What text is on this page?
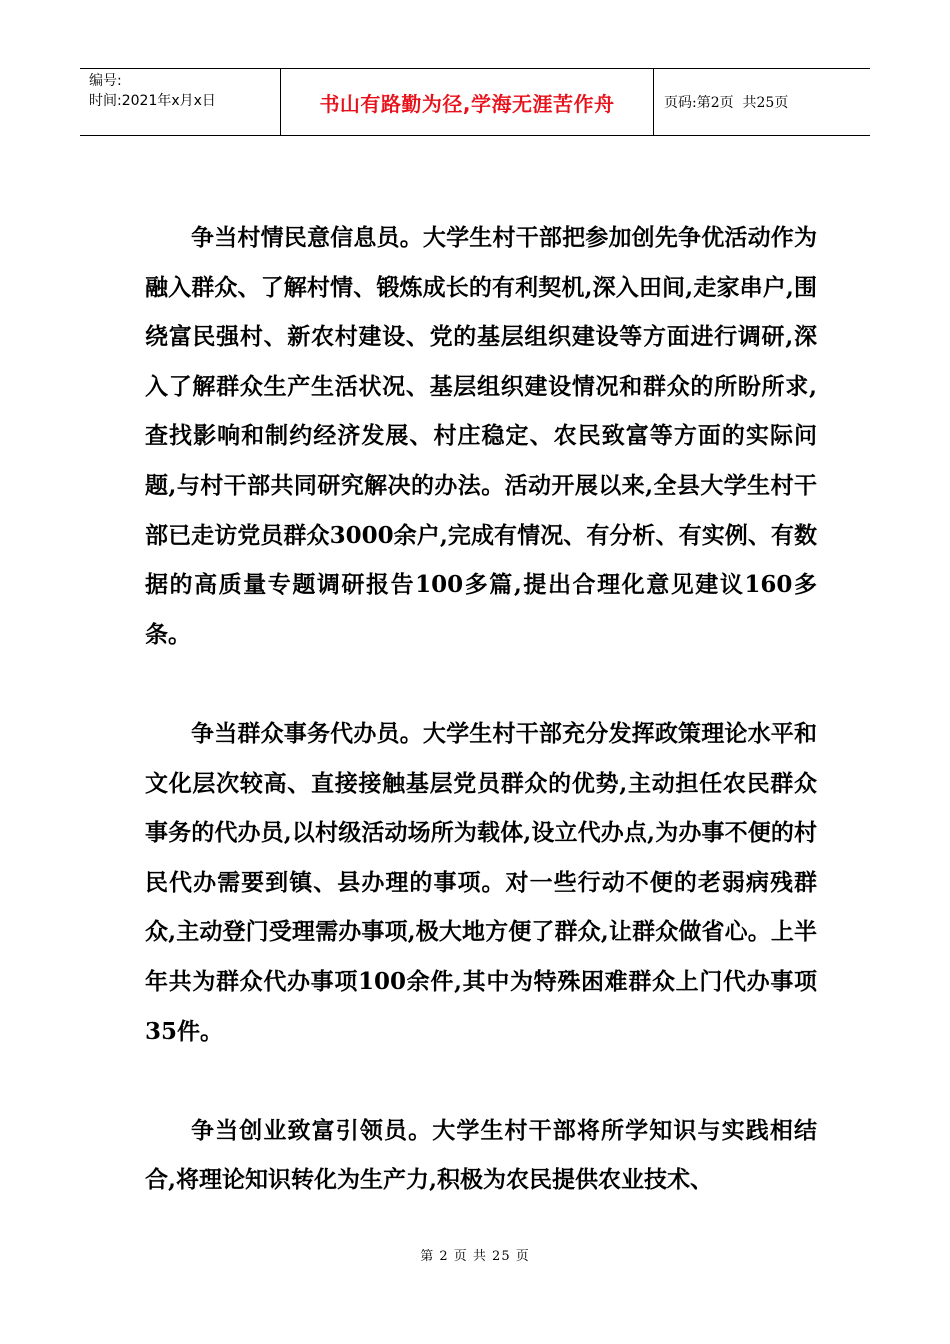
编号:
时间:2021年x月x日	书山有路勤为径,学海无涯苦作舟	页码:第2页  共25页

争当村情民意信息员。大学生村干部把参加创先争优活动作为融入群众、了解村情、锻炼成长的有利契机,深入田间,走家串户,围绕富民强村、新农村建设、党的基层组织建设等方面进行调研,深入了解群众生产生活状况、基层组织建设情况和群众的所盼所求,查找影响和制约经济发展、村庄稳定、农民致富等方面的实际问题,与村干部共同研究解决的办法。活动开展以来,全县大学生村干部已走访党员群众3000余户,完成有情况、有分析、有实例、有数据的高质量专题调研报告100多篇,提出合理化意见建议160多条。

争当群众事务代办员。大学生村干部充分发挥政策理论水平和文化层次较高、直接接触基层党员群众的优势,主动担任农民群众事务的代办员,以村级活动场所为载体,设立代办点,为办事不便的村民代办需要到镇、县办理的事项。对一些行动不便的老弱病残群众,主动登门受理需办事项,极大地方便了群众,让群众做省心。上半年共为群众代办事项100余件,其中为特殊困难群众上门代办事项35件。

争当创业致富引领员。大学生村干部将所学知识与实践相结合,将理论知识转化为生产力,积极为农民提供农业技术、

第 2 页 共 25 页
